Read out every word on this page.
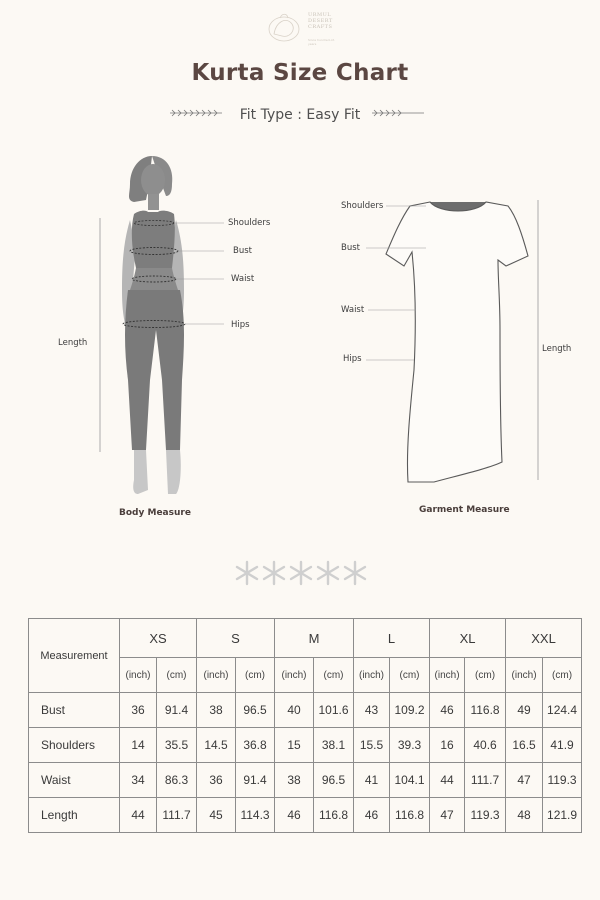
URMUL
DESERT
CRAFTS
Since hundred-of-years
Kurta Size Chart
Fit Type : Easy Fit
Shoulders
Bust
Waist
Hips
Length
Body Measure
Shoulders
Bust
Waist
Hips
Length
Garment Measure
Measurement	XS		S		M		L		XL		XXL	
	(inch)	(cm)	(inch)	(cm)	(inch)	(cm)	(inch)	(cm)	(inch)	(cm)	(inch)	(cm)
Bust	36	91.4	38	96.5	40	101.6	43	109.2	46	116.8	49	124.4
Shoulders	14	35.5	14.5	36.8	15	38.1	15.5	39.3	16	40.6	16.5	41.9
Waist	34	86.3	36	91.4	38	96.5	41	104.1	44	111.7	47	119.3
Length	44	111.7	45	114.3	46	116.8	46	116.8	47	119.3	48	121.9
